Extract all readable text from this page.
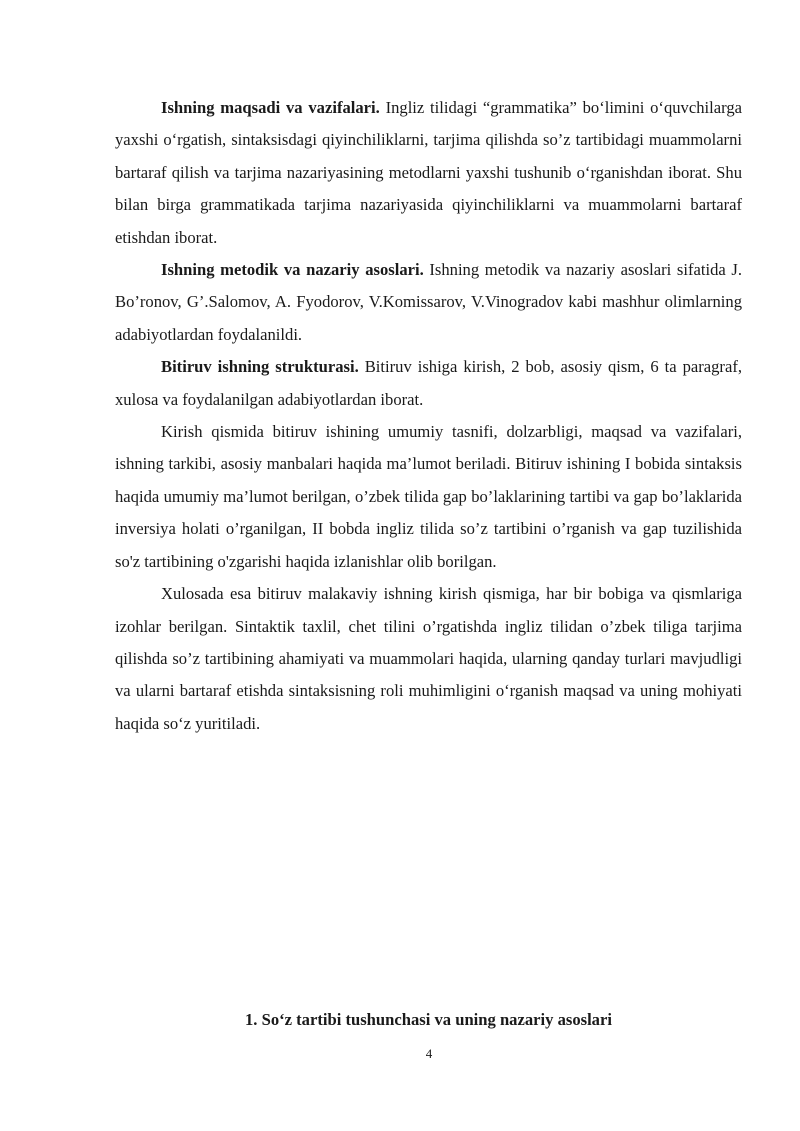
Ishning maqsadi va vazifalari. Ingliz tilidagi “grammatika” bo‘limini o‘quvchilarga yaxshi o‘rgatish, sintaksisdagi qiyinchiliklarni, tarjima qilishda so’z tartibidagi muammolarni bartaraf qilish va tarjima nazariyasining metodlarni yaxshi tushunib o‘rganishdan iborat. Shu bilan birga grammatikada tarjima nazariyasida qiyinchiliklarni va muammolarni bartaraf etishdan iborat.

Ishning metodik va nazariy asoslari. Ishning metodik va nazariy asoslari sifatida J. Bo’ronov, G’.Salomov, A. Fyodorov, V.Komissarov, V.Vinogradov kabi mashhur olimlarning adabiyotlardan foydalanildi.

Bitiruv ishning strukturasi. Bitiruv ishiga kirish, 2 bob, asosiy qism, 6 ta paragraf, xulosa va foydalanilgan adabiyotlardan iborat.

Kirish qismida bitiruv ishining umumiy tasnifi, dolzarbligi, maqsad va vazifalari, ishning tarkibi, asosiy manbalari haqida ma’lumot beriladi. Bitiruv ishining I bobida sintaksis haqida umumiy ma’lumot berilgan, o’zbek tilida gap bo’laklarining tartibi va gap bo’laklarida inversiya holati o’rganilgan, II bobda ingliz tilida so’z tartibini o’rganish va gap tuzilishida so'z tartibining o'zgarishi haqida izlanishlar olib borilgan.

Xulosada esa bitiruv malakaviy ishning kirish qismiga, har bir bobiga va qismlariga izohlar berilgan. Sintaktik taxlil, chet tilini o’rgatishda ingliz tilidan o’zbek tiliga tarjima qilishda so’z tartibining ahamiyati va muammolari haqida, ularning qanday turlari mavjudligi va ularni bartaraf etishda sintaksisning roli muhimligini o‘rganish maqsad va uning mohiyati haqida so‘z yuritiladi.

1. So‘z tartibi tushunchasi va uning nazariy asoslari
4
